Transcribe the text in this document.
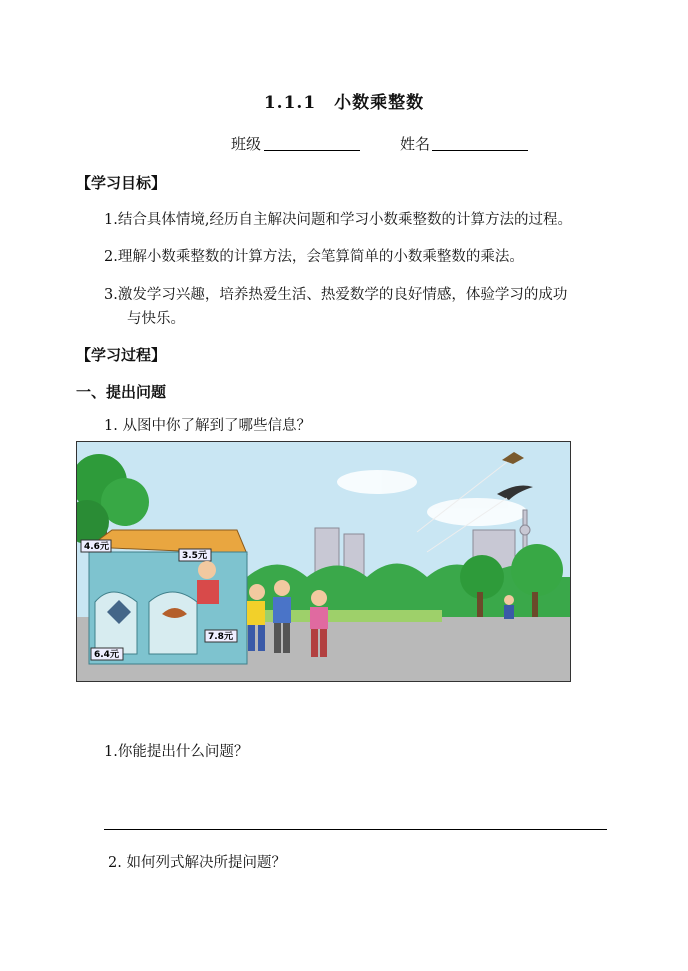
1.1.1　小数乘整数
班级	姓名
【学习目标】
1.结合具体情境,经历自主解决问题和学习小数乘整数的计算方法的过程。
2.理解小数乘整数的计算方法，会笔算简单的小数乘整数的乘法。
3.激发学习兴趣，培养热爱生活、热爱数学的良好情感，体验学习的成功
与快乐。
【学习过程】
一、提出问题
1. 从图中你了解到了哪些信息？
4.6元
3.5元
7.8元
6.4元
1.你能提出什么问题？
2. 如何列式解决所提问题？
